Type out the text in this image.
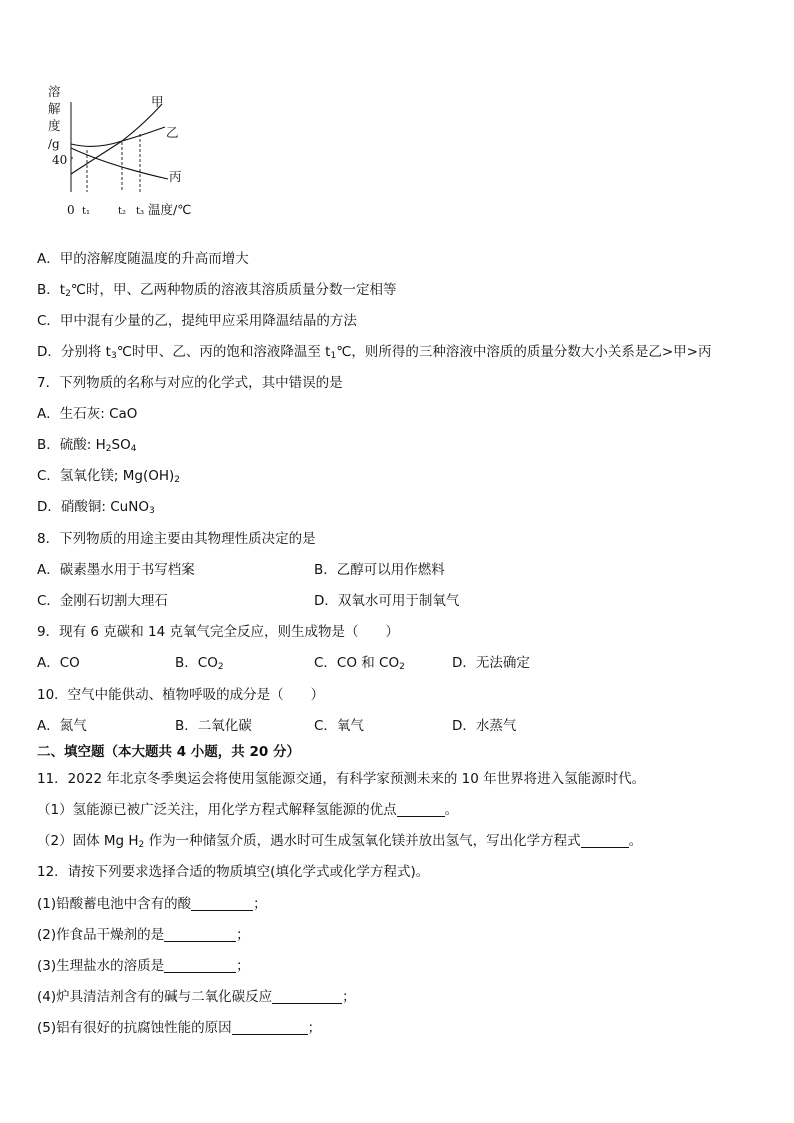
溶
解
度
/g
40
甲
乙
丙
0 t₁	t₂ t₃ 温度/℃
A．甲的溶解度随温度的升高而增大
B．$t_2℃$时，甲、乙两种物质的溶液其溶质质量分数一定相等
C．甲中混有少量的乙，提纯甲应采用降温结晶的方法
D．分别将 $t_3℃$时甲、乙、丙的饱和溶液降温至 $t_1℃$，则所得的三种溶液中溶质的质量分数大小关系是乙>甲>丙
7．下列物质的名称与对应的化学式，其中错误的是
A．生石灰: CaO
B．硫酸: $H_2SO_4$
C．氢氧化镁; $Mg(OH)_2$
D．硝酸铜: CuNO$_3$
8．下列物质的用途主要由其物理性质决定的是
A．碳素墨水用于书写档案	B．乙醇可以用作燃料
C．金刚石切割大理石	D．双氧水可用于制氧气
9．现有 6 克碳和 14 克氧气完全反应，则生成物是（　　）
A．CO	B．$CO_2$	C．CO 和 $CO_2$	D．无法确定
10．空气中能供动、植物呼吸的成分是（　　）
A．氮气	B．二氧化碳	C．氧气	D．水蒸气
二、填空题（本大题共 4 小题，共 20 分）
11．2022 年北京冬季奥运会将使用氢能源交通，有科学家预测未来的 10 年世界将进入氢能源时代。
（1）氢能源已被广泛关注，用化学方程式解释氢能源的优点	。
（2）固体 Mg $H_2$ 作为一种储氢介质，遇水时可生成氢氧化镁并放出氢气，写出化学方程式	。
12．请按下列要求选择合适的物质填空(填化学式或化学方程式)。
(1)铅酸蓄电池中含有的酸	；
(2)作食品干燥剂的是	；
(3)生理盐水的溶质是	；
(4)炉具清洁剂含有的碱与二氧化碳反应	；
(5)铝有很好的抗腐蚀性能的原因	；
